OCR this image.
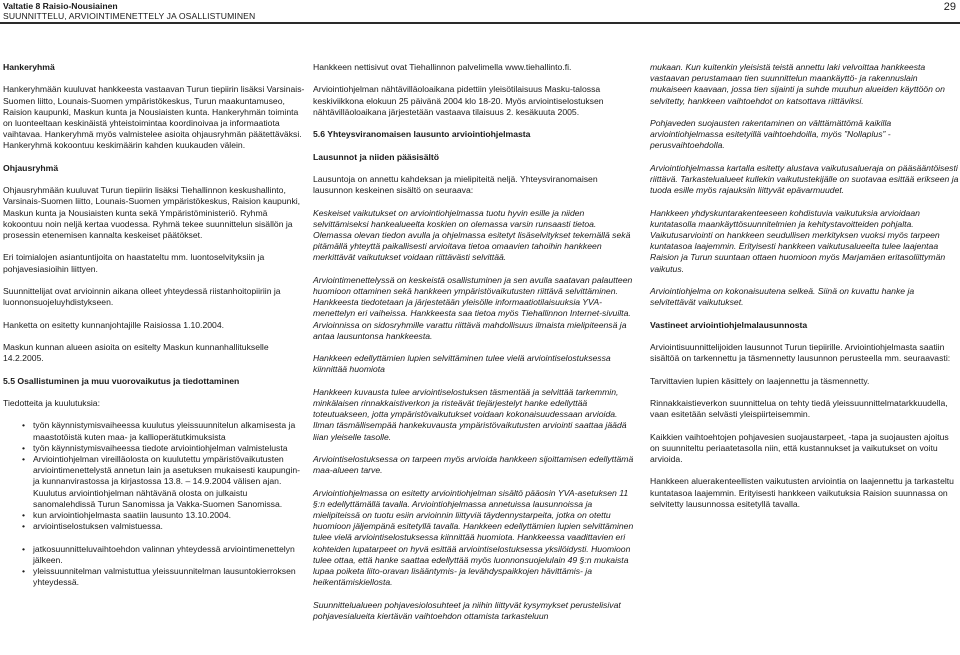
Valtatie 8 Raisio-Nousiainen
SUUNNITTELU, ARVIOINTIMENETTELY JA OSALLISTUMINEN
29
Hankeryhmä

Hankeryhmään kuuluvat hankkeesta vastaavan Turun tiepiirin lisäksi Varsinais-Suomen liitto, Lounais-Suomen ympäristökeskus, Turun maakuntamuseo, Raision kaupunki, Maskun kunta ja Nousiaisten kunta. Hankeryhmän toiminta on luonteeltaan keskinäistä yhteistoimintaa koordinoivaa ja informaatiota vaihtavaa. Hankeryhmä myös valmistelee asioita ohjausryhmän päätettäväksi. Hankeryhmä kokoontuu keskimäärin kahden kuukauden välein.

Ohjausryhmä

Ohjausryhmään kuuluvat Turun tiepiirin lisäksi Tiehallinnon keskushallinto, Varsinais-Suomen liitto, Lounais-Suomen ympäristökeskus, Raision kaupunki, Maskun kunta ja Nousiaisten kunta sekä Ympäristöministeriö. Ryhmä kokoontuu noin neljä kertaa vuodessa. Ryhmä tekee suunnittelun sisällön ja prosessin etenemisen kannalta keskeiset päätökset.

Eri toimialojen asiantuntijoita on haastateltu mm. luontoselvityksiin ja pohjavesiasioihin liittyen.

Suunnittelijat ovat arvioinnin aikana olleet yhteydessä riistanhoitopiiriin ja luonnonsuojeluyhdistykseen.

Hanketta on esitetty kunnanjohtajille Raisiossa 1.10.2004.

Maskun kunnan alueen asioita on esitelty Maskun kunnanhallitukselle 14.2.2005.

5.5 Osallistuminen ja muu vuorovaikutus ja tiedottaminen

Tiedotteita ja kuulutuksia:

• työn käynnistymisvaiheessa kuulutus yleissuunnitelun alkamisesta ja maastotöistä kuten maa- ja kallioperätutkimuksista
• työn käynnistymisvaiheessa tiedote arviointiohjelman valmistelusta
• Arviointiohjelman vireilläolosta on kuulutettu ympäristövaikutusten arviointimenettelystä annetun lain ja asetuksen mukaisesti kaupungin- ja kunnanvirastossa ja kirjastossa 13.8. – 14.9.2004 välisen ajan. Kuulutus arviointiohjelman nähtävänä olosta on julkaistu sanomalehdissä Turun Sanomissa ja Vakka-Suomen Sanomissa.
• kun arviointiohjelmasta saatiin lausunto 13.10.2004.
• arviointiselostuksen valmistuessa.
• jatkosuunnitteluvaihtoehdon valinnan yhteydessä arviointimenettelyn jälkeen.
• yleissuunnitelman valmistuttua yleissuunnitelman lausuntokierroksen yhteydessä.

Hankkeen nettisivut ovat Tiehallinnon palvelimella www.tiehallinto.fi.

Arviointiohjelman nähtävilläoloaikana pidettiin yleisötilaisuus Masku-talossa keskiviikkona elokuun 25 päivänä 2004 klo 18-20. Myös arviointiselostuksen nähtävilläoloaikana järjestetään vastaava tilaisuus 2. kesäkuuta 2005.

5.6 Yhteysviranomaisen lausunto arviointiohjelmasta
Lausunnot ja niiden pääsisältö

Lausuntoja on annettu kahdeksan ja mielipiteitä neljä. Yhteysviranomaisen lausunnon keskeinen sisältö on seuraava:

Keskeiset vaikutukset on arviointiohjelmassa tuotu hyvin esille ja niiden selvittämiseksi hankealueelta koskien on olemassa varsin runsaasti tietoa. Olemassa olevan tiedon avulla ja ohjelmassa esitetyt lisäselvitykset tekemällä sekä pitämällä yhteyttä paikallisesti arvioitava tietoa omaavien tahoihin hankkeen merkittävät vaikutukset voidaan riittävästi selvittää.

Arviointimenettelyssä on keskeistä osallistuminen ja sen avulla saatavan palautteen huomioon ottaminen sekä hankkeen ympäristövaikutusten riittävä selvittäminen. Hankkeesta tiedotetaan ja järjestetään yleisölle informaatiotilaisuuksia YVA-menettelyn eri vaiheissa. Hankkeesta saa tietoa myös Tiehallinnon Internet-sivuilta. Arvioinnissa on sidosryhmille varattu riittävä mahdollisuus ilmaista mielipiteensä ja antaa lausuntonsa hankkeesta.

Hankkeen edellyttämien lupien selvittäminen tulee vielä arviointiselostuksessa kiinnittää huomiota

Hankkeen kuvausta tulee arviointiselostuksen täsmentää ja selvittää tarkemmin, minkälaisen rinnakkaistiverkon ja risteävät tiejärjestelyt hanke edellyttää toteutuakseen, jotta ympäristövaikutukset voidaan kokonaisuudessaan arvioida. Ilman täsmällisempää hankekuvausta ympäristövaikutusten arviointi saattaa jäädä liian yleiselle tasolle.

Arviointiselostuksessa on tarpeen myös arvioida hankkeen sijoittamisen edellyttämä maa-alueen tarve.

Arviointiohjelmassa on esitetty arviointiohjelman sisältö pääosin YVA-asetuksen 11 §:n edellyttämällä tavalla. Arviointiohjelmassa annetuissa lausunnoissa ja mielipiteissä on tuotu esiin arvioinnin liittyviä täydennystarpeita, jotka on otettu huomioon jäljempänä esitetyllä tavalla. Hankkeen edellyttämien lupien selvittäminen tulee vielä arviointiselostuksessa kiinnittää huomiota. Hankkeessa vaadittavien eri kohteiden lupatarpeet on hyvä esittää arviointiselostuksessa yksilöidysti. Huomioon tulee ottaa, että hanke saattaa edellyttää myös luonnonsuojelulain 49 §:n mukaista lupaa poiketa liito-oravan lisääntymis- ja levähdyspaikkojen hävittämis- ja heikentämiskiellosta.

Suunnittelualueen pohjavesiolosuhteet ja niihin liittyvät kysymykset perustelisivat pohjavesialueita kiertävän vaihtoehdon ottamista tarkasteluun

mukaan. Kun kuitenkin yleisistä teistä annettu laki velvoittaa hankkeesta vastaavan perustamaan tien suunnittelun maankäyttö- ja rakennuslain mukaiseen kaavaan, jossa tien sijainti ja suhde muuhun alueiden käyttöön on selvitetty, hankkeen vaihtoehdot on katsottava riittäviksi.

Pohjaveden suojausten rakentaminen on välttämättömä kaikilla arviointiohjelmassa esitetyillä vaihtoehdoilla, myös ”Nollaplus” -perusvaihtoehdolla.

Arviointiohjelmassa kartalla esitetty alustava vaikutusalueraja on pääsääntöisesti riittävä. Tarkastelualueet kullekin vaikutustekijälle on suotavaa esittää erikseen ja tuoda esille myös rajauksiin liittyvät epävarmuudet.

Hankkeen yhdyskuntarakenteeseen kohdistuvia vaikutuksia arvioidaan kuntatasolla maankäyttösuunnitelmien ja kehitystavoitteiden pohjalta. Vaikutusarviointi on hankkeen seudullisen merkityksen vuoksi myös tarpeen kuntatasoa laajemmin. Erityisesti hankkeen vaikutusalueelta tulee laajentaa Raision ja Turun suuntaan ottaen huomioon myös Marjamäen eritasoliittymän vaikutus.

Arviointiohjelma on kokonaisuutena selkeä. Siinä on kuvattu hanke ja selvitettävät vaikutukset.

Vastineet arviointiohjelmalausunnosta

Arviointisuunnittelijoiden lausunnot Turun tiepiirille. Arviointiohjelmasta saatiin sisältöä on tarkennettu ja täsmennetty lausunnon perusteella mm. seuraavasti:

Tarvittavien lupien käsittely on laajennettu ja täsmennetty.

Rinnakkaistieverkon suunnittelua on tehty tiedä yleissuunnittelmatarkkuudella, vaan esitetään selvästi yleispiirteisemmin.

Kaikkien vaihtoehtojen pohjavesien suojaustarpeet, -tapa ja suojausten ajoitus on suunniteltu periaatetasolla niin, että kustannukset ja vaikutukset on voitu arvioida.

Hankkeen aluerakenteellisten vaikutusten arviointia on laajennettu ja tarkasteltu kuntatasoa laajemmin. Erityisesti hankkeen vaikutuksia Raision suunnassa on selvitetty lausunnossa esitetyllä tavalla.
